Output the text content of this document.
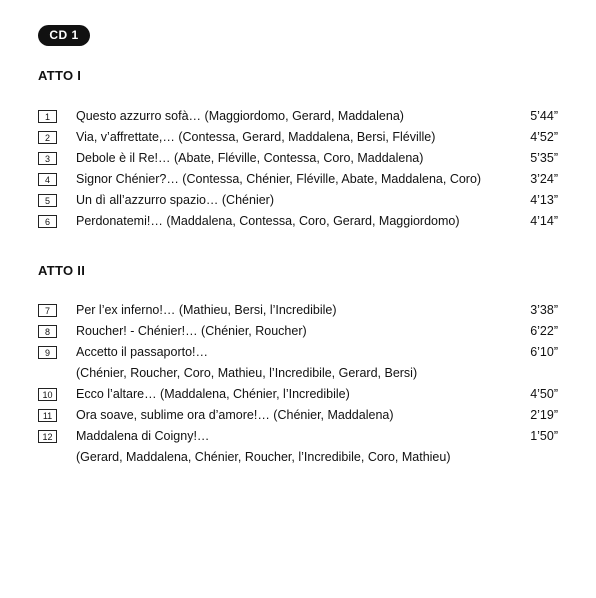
CD 1
ATTO I
1	Questo azzurro sofà… (Maggiordomo, Gerard, Maddalena)	5’44”
2	Via, v’affrettate,… (Contessa, Gerard, Maddalena, Bersi, Fléville)	4’52”
3	Debole è il Re!… (Abate, Fléville, Contessa, Coro, Maddalena)	5’35”
4	Signor Chénier?… (Contessa, Chénier, Fléville, Abate, Maddalena, Coro)	3’24”
5	Un dì all’azzurro spazio… (Chénier)	4’13”
6	Perdonatemi!… (Maddalena, Contessa, Coro, Gerard, Maggiordomo)	4’14”
ATTO II
7	Per l’ex inferno!… (Mathieu, Bersi, l’Incredibile)	3’38”
8	Roucher! - Chénier!… (Chénier, Roucher)	6’22”
9	Accetto il passaporto!…	6’10”
(Chénier, Roucher, Coro, Mathieu, l’Incredibile, Gerard, Bersi)
10	Ecco l’altare… (Maddalena, Chénier, l’Incredibile)	4’50”
11	Ora soave, sublime ora d’amore!… (Chénier, Maddalena)	2’19”
12	Maddalena di Coigny!…	1’50”
(Gerard, Maddalena, Chénier, Roucher, l’Incredibile, Coro, Mathieu)
